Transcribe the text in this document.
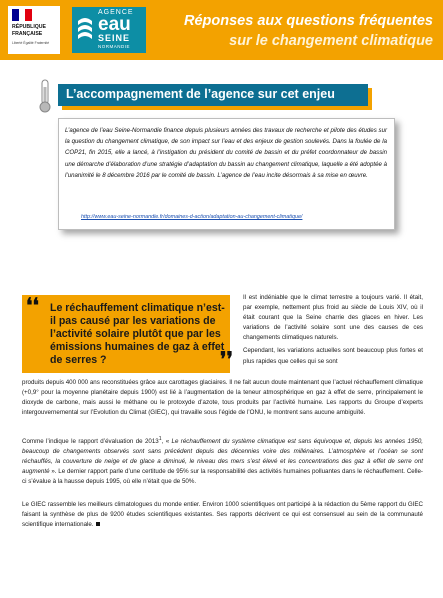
RÉPUBLIQUE
FRANÇAISE
Liberté Égalité Fraternité
AGENCE
eau
SEINE
NORMANDIE
Réponses aux questions fréquentes
sur le changement climatique
L’accompagnement de l’agence sur cet enjeu
L’agence de l’eau Seine-Normandie finance depuis plusieurs années des travaux de recherche et pilote des études sur la question du changement climatique, de son impact sur l’eau et des enjeux de gestion soulevés. Dans la foulée de la COP21, fin 2015, elle a lancé, à l’instigation du président du comité de bassin et du préfet coordonnateur de bassin une démarche d’élaboration d’une stratégie d’adaptation du bassin au changement climatique, laquelle a été adoptée à l’unanimité le 8 décembre 2016 par le comité de bassin. L’agence de l’eau incite désormais à sa mise en œuvre.
http://www.eau-seine-normandie.fr/domaines-d-action/adaptation-au-changement-climatique/
❛❛ Le réchauffement climatique n’est-il pas causé par les variations de l’activité solaire plutôt que par les émissions humaines de gaz à effet de serres ?	❜❜

Il est indéniable que le climat terrestre a toujours varié. Il était, par exemple, nettement plus froid au siècle de Louis XIV, où il était courant que la Seine charrie des glaces en hiver. Les variations de l’activité solaire sont une des causes de ces changements climatiques naturels.

Cependant, les variations actuelles sont beaucoup plus fortes et plus rapides que celles qui se sont

produits depuis 400 000 ans reconstituées grâce aux carottages glaciaires. Il ne fait aucun doute maintenant que l’actuel réchauffement climatique (+0,9° pour la moyenne planétaire depuis 1900) est lié à l’augmentation de la teneur atmosphérique en gaz à effet de serre, principalement le dioxyde de carbone, mais aussi le méthane ou le protoxyde d’azote, tous produits par l’activité humaine. Les rapports du Groupe d’experts intergouvernemental sur l’Evolution du Climat (GIEC), qui travaille sous l’égide de l’ONU, le montrent sans aucune ambiguïté.

Comme l’indique le rapport d’évaluation de 2013$^1$, « Le réchauffement du système climatique est sans équivoque et, depuis les années 1950, beaucoup de changements observés sont sans précédent depuis des décennies voire des millénaires. L’atmosphère et l’océan se sont réchauffés, la couverture de neige et de glace a diminué, le niveau des mers s’est élevé et les concentrations des gaz à effet de serre ont augmenté ». Le dernier rapport parle d’une certitude de 95% sur la responsabilité des activités humaines polluantes dans le réchauffement. Celle-ci s’évalue à la hausse depuis 1995, où elle n’était que de 50%.

Le GIEC rassemble les meilleurs climatologues du monde entier. Environ 1000 scientifiques ont participé à la rédaction du 5ème rapport du GIEC faisant la synthèse de plus de 9200 études scientifiques existantes. Ses rapports décrivent ce qui est consensuel au sein de la communauté scientifique internationale.
